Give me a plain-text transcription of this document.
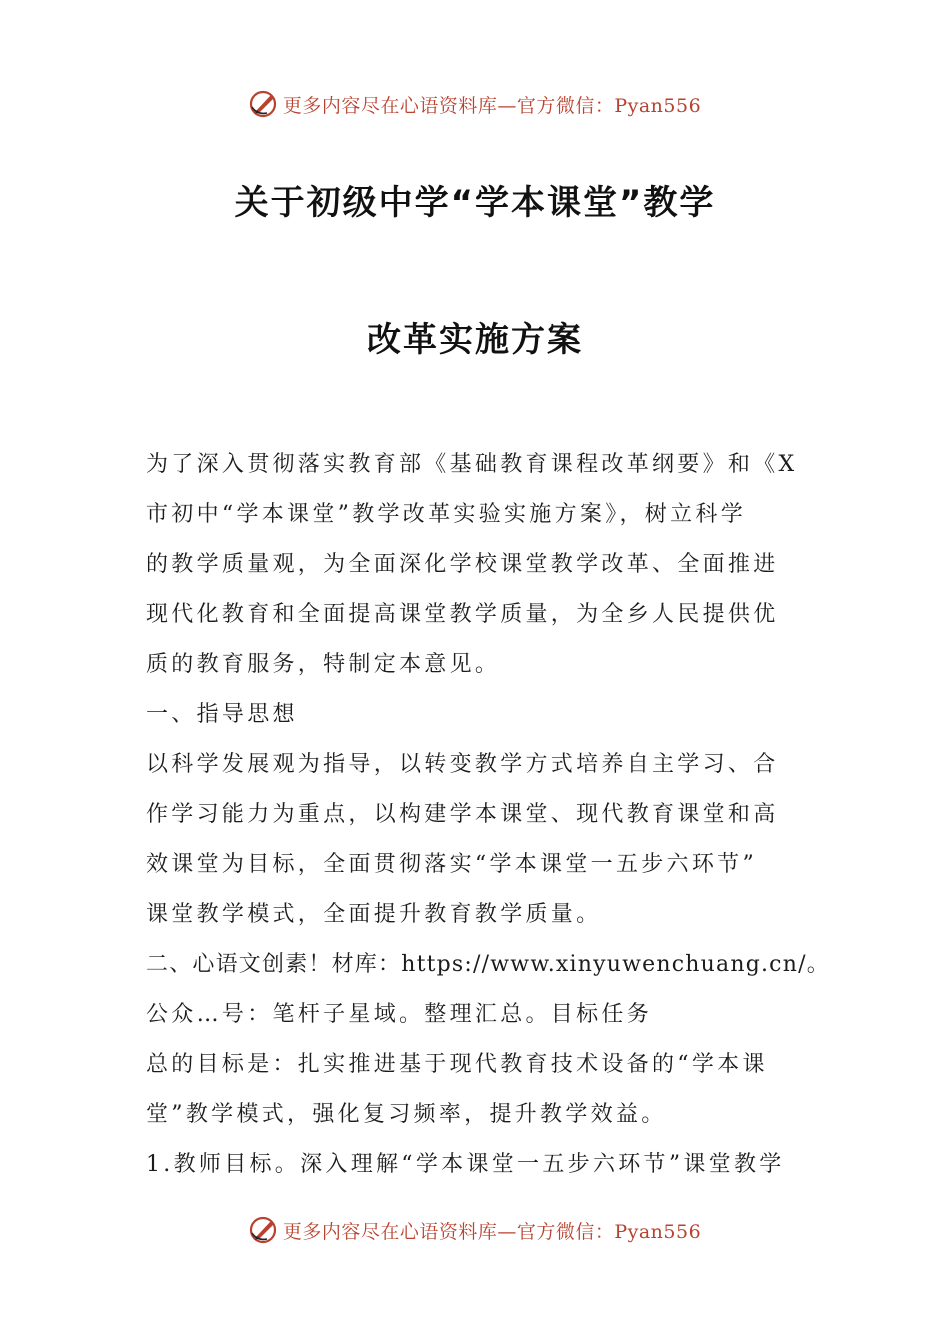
更多内容尽在心语资料库—官方微信：Pyan556
关于初级中学“学本课堂”教学
改革实施方案
为了深入贯彻落实教育部《基础教育课程改革纲要》和《X
市初中“学本课堂”教学改革实验实施方案》，树立科学
的教学质量观，为全面深化学校课堂教学改革、全面推进
现代化教育和全面提高课堂教学质量，为全乡人民提供优
质的教育服务，特制定本意见。
一、指导思想
以科学发展观为指导，以转变教学方式培养自主学习、合
作学习能力为重点，以构建学本课堂、现代教育课堂和高
效课堂为目标，全面贯彻落实“学本课堂一五步六环节”
课堂教学模式，全面提升教育教学质量。
二、心语文创素！材库：https://www.xinyuwenchuang.cn/。
公众…号：笔杆子星域。整理汇总。目标任务
总的目标是：扎实推进基于现代教育技术设备的“学本课
堂”教学模式，强化复习频率，提升教学效益。
1.教师目标。深入理解“学本课堂一五步六环节”课堂教学
更多内容尽在心语资料库—官方微信：Pyan556
